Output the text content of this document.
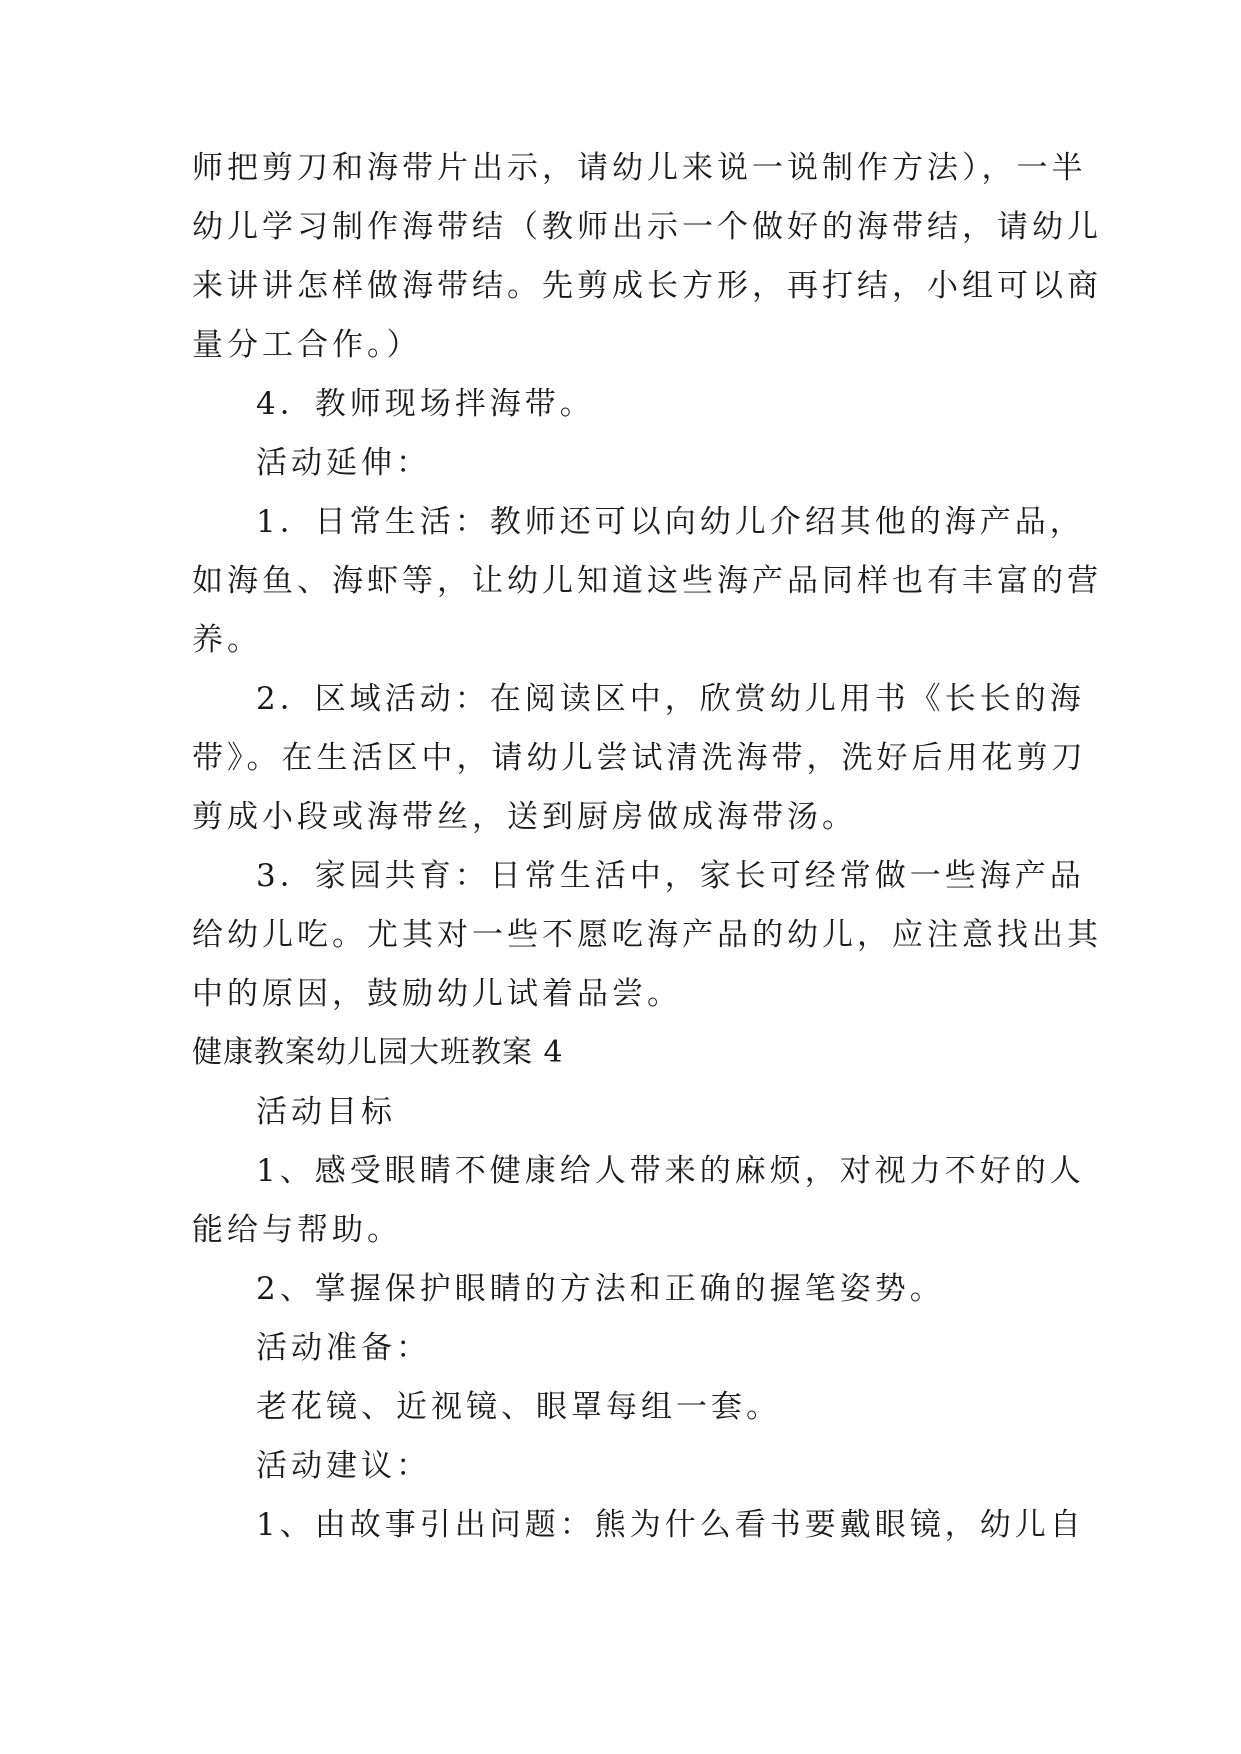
师把剪刀和海带片出示，请幼儿来说一说制作方法），一半
幼儿学习制作海带结（教师出示一个做好的海带结，请幼儿
来讲讲怎样做海带结。先剪成长方形，再打结，小组可以商
量分工合作。）
4．教师现场拌海带。
活动延伸：
1．日常生活：教师还可以向幼儿介绍其他的海产品，
如海鱼、海虾等，让幼儿知道这些海产品同样也有丰富的营
养。
2．区域活动：在阅读区中，欣赏幼儿用书《长长的海
带》。在生活区中，请幼儿尝试清洗海带，洗好后用花剪刀
剪成小段或海带丝，送到厨房做成海带汤。
3．家园共育：日常生活中，家长可经常做一些海产品
给幼儿吃。尤其对一些不愿吃海产品的幼儿，应注意找出其
中的原因，鼓励幼儿试着品尝。
健康教案幼儿园大班教案 4
活动目标
1、感受眼睛不健康给人带来的麻烦，对视力不好的人
能给与帮助。
2、掌握保护眼睛的方法和正确的握笔姿势。
活动准备：
老花镜、近视镜、眼罩每组一套。
活动建议：
1、由故事引出问题：熊为什么看书要戴眼镜，幼儿自
